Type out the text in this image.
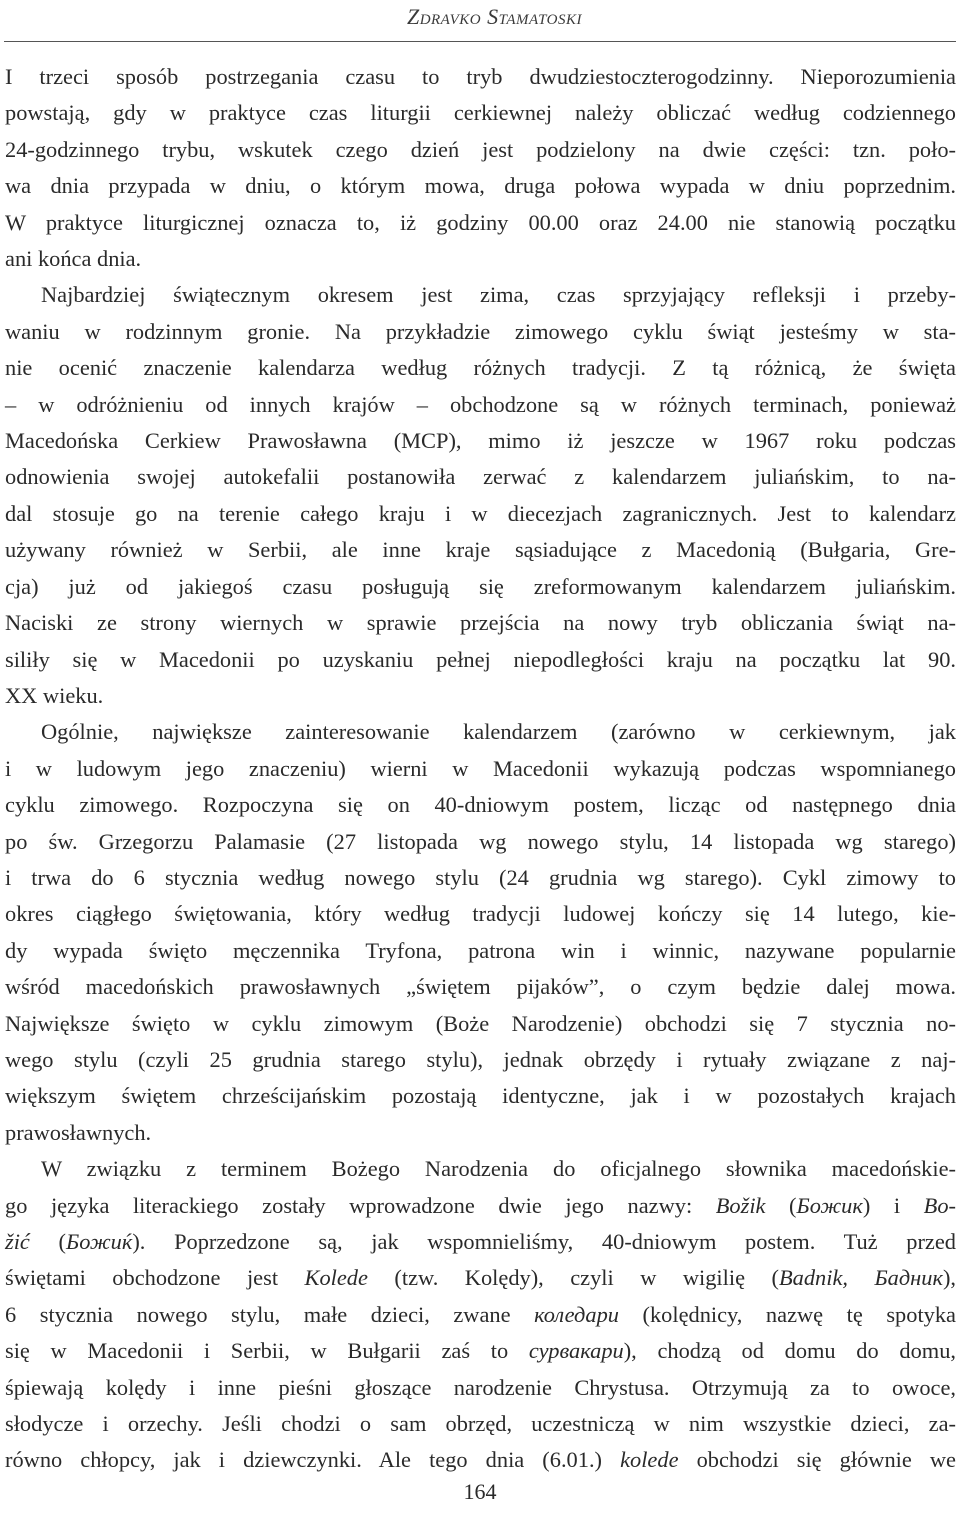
Zdravko Stamatoski

I trzeci sposób postrzegania czasu to tryb dwudziestoczterogodzinny. Nieporozumienia
powstają, gdy w praktyce czas liturgii cerkiewnej należy obliczać według codziennego
24-godzinnego trybu, wskutek czego dzień jest podzielony na dwie części: tzn. poło-
wa dnia przypada w dniu, o którym mowa, druga połowa wypada w dniu poprzednim.
W praktyce liturgicznej oznacza to, iż godziny 00.00 oraz 24.00 nie stanowią początku
ani końca dnia.

Najbardziej świątecznym okresem jest zima, czas sprzyjający refleksji i przeby-
waniu w rodzinnym gronie. Na przykładzie zimowego cyklu świąt jesteśmy w sta-
nie ocenić znaczenie kalendarza według różnych tradycji. Z tą różnicą, że święta
– w odróżnieniu od innych krajów – obchodzone są w różnych terminach, ponieważ
Macedońska Cerkiew Prawosławna (MCP), mimo iż jeszcze w 1967 roku podczas
odnowienia swojej autokefalii postanowiła zerwać z kalendarzem juliańskim, to na-
dal stosuje go na terenie całego kraju i w diecezjach zagranicznych. Jest to kalendarz
używany również w Serbii, ale inne kraje sąsiadujące z Macedonią (Bułgaria, Gre-
cja) już od jakiegoś czasu posługują się zreformowanym kalendarzem juliańskim.
Naciski ze strony wiernych w sprawie przejścia na nowy tryb obliczania świąt na-
siliły się w Macedonii po uzyskaniu pełnej niepodległości kraju na początku lat 90.
XX wieku.

Ogólnie, największe zainteresowanie kalendarzem (zarówno w cerkiewnym, jak
i w ludowym jego znaczeniu) wierni w Macedonii wykazują podczas wspomnianego
cyklu zimowego. Rozpoczyna się on 40-dniowym postem, licząc od następnego dnia
po św. Grzegorzu Palamasie (27 listopada wg nowego stylu, 14 listopada wg starego)
i trwa do 6 stycznia według nowego stylu (24 grudnia wg starego). Cykl zimowy to
okres ciągłego świętowania, który według tradycji ludowej kończy się 14 lutego, kie-
dy wypada święto męczennika Tryfona, patrona win i winnic, nazywane popularnie
wśród macedońskich prawosławnych „świętem pijaków”, o czym będzie dalej mowa.
Największe święto w cyklu zimowym (Boże Narodzenie) obchodzi się 7 stycznia no-
wego stylu (czyli 25 grudnia starego stylu), jednak obrzędy i rytuały związane z naj-
większym świętem chrześcijańskim pozostają identyczne, jak i w pozostałych krajach
prawosławnych.

W związku z terminem Bożego Narodzenia do oficjalnego słownika macedońskie-
go języka literackiego zostały wprowadzone dwie jego nazwy: Božik (Божик) i Bo-
žić (Божиќ). Poprzedzone są, jak wspomnieliśmy, 40-dniowym postem. Tuż przed
świętami obchodzone jest Kolede (tzw. Kolędy), czyli w wigilię (Badnik, Бадник),
6 stycznia nowego stylu, małe dzieci, zwane коледари (kolędnicy, nazwę tę spotyka
się w Macedonii i Serbii, w Bułgarii zaś to сурвакари), chodzą od domu do domu,
śpiewają kolędy i inne pieśni głoszące narodzenie Chrystusa. Otrzymują za to owoce,
słodycze i orzechy. Jeśli chodzi o sam obrzęd, uczestniczą w nim wszystkie dzieci, za-
równo chłopcy, jak i dziewczynki. Ale tego dnia (6.01.) kolede obchodzi się głównie we

164
